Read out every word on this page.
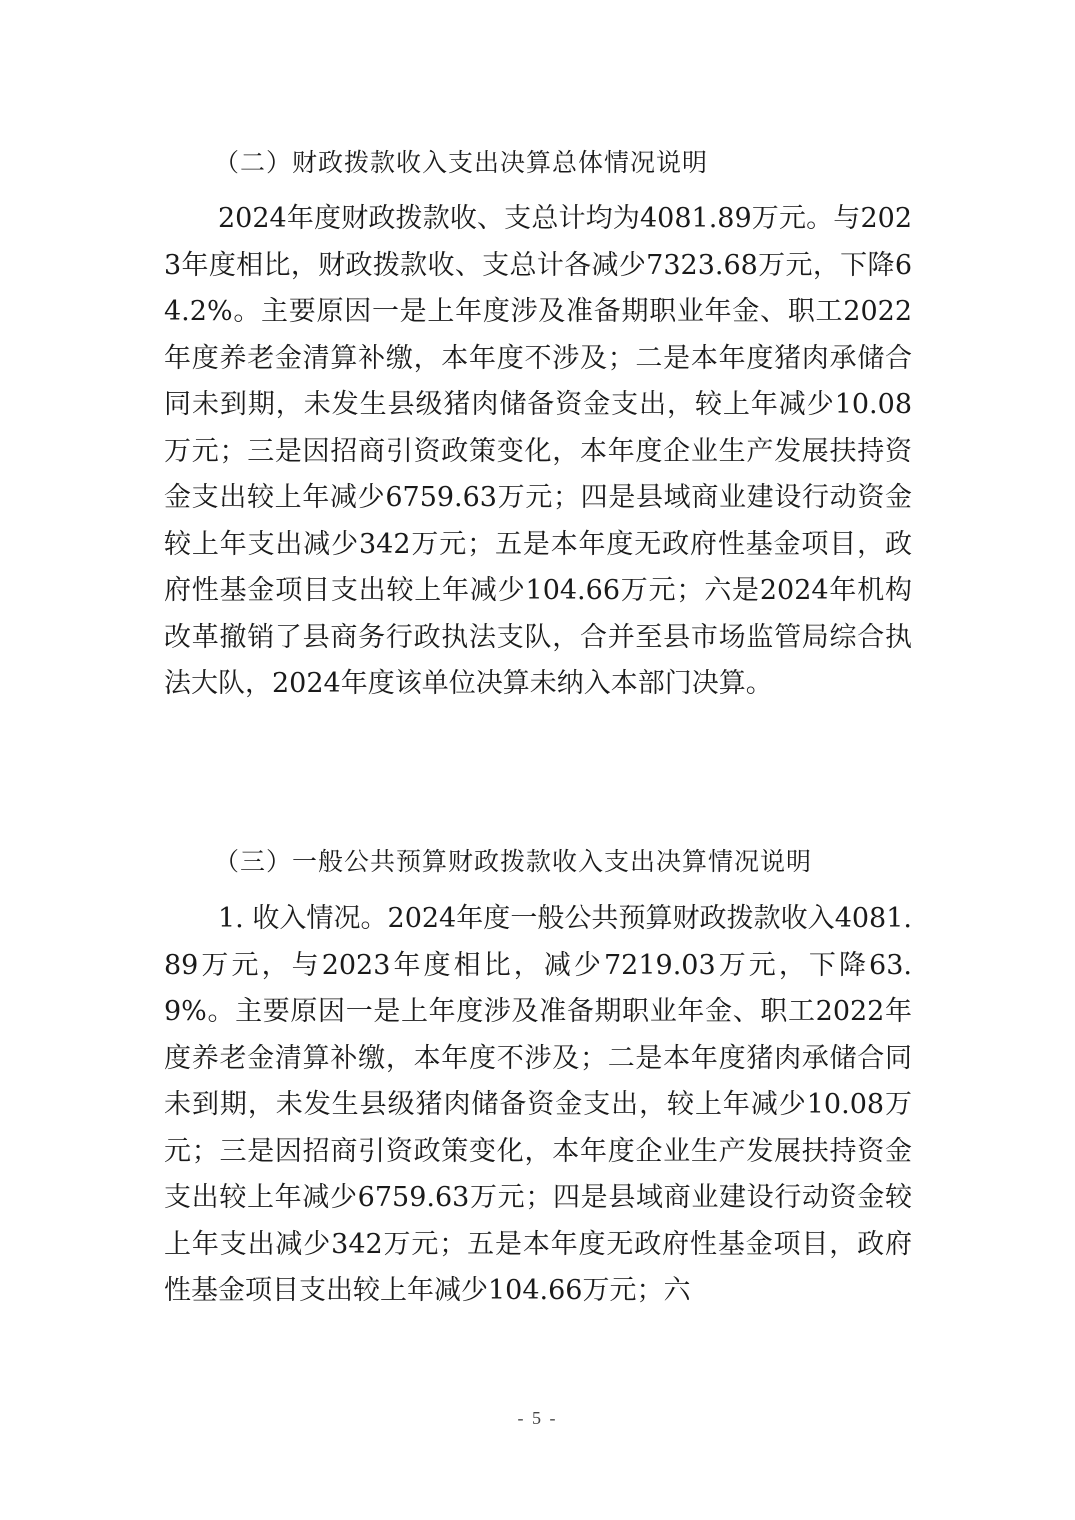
（二）财政拨款收入支出决算总体情况说明

2024年度财政拨款收、支总计均为4081.89万元。与2023年度相比，财政拨款收、支总计各减少7323.68万元，下降64.2%。主要原因一是上年度涉及准备期职业年金、职工2022年度养老金清算补缴，本年度不涉及；二是本年度猪肉承储合同未到期，未发生县级猪肉储备资金支出，较上年减少10.08万元；三是因招商引资政策变化，本年度企业生产发展扶持资金支出较上年减少6759.63万元；四是县域商业建设行动资金较上年支出减少342万元；五是本年度无政府性基金项目，政府性基金项目支出较上年减少104.66万元；六是2024年机构改革撤销了县商务行政执法支队，合并至县市场监管局综合执法大队，2024年度该单位决算未纳入本部门决算。

（三）一般公共预算财政拨款收入支出决算情况说明

1. 收入情况。2024年度一般公共预算财政拨款收入4081.89万元，与2023年度相比，减少7219.03万元，下降63.9%。主要原因一是上年度涉及准备期职业年金、职工2022年度养老金清算补缴，本年度不涉及；二是本年度猪肉承储合同未到期，未发生县级猪肉储备资金支出，较上年减少10.08万元；三是因招商引资政策变化，本年度企业生产发展扶持资金支出较上年减少6759.63万元；四是县域商业建设行动资金较上年支出减少342万元；五是本年度无政府性基金项目，政府性基金项目支出较上年减少104.66万元；六

- 5 -
